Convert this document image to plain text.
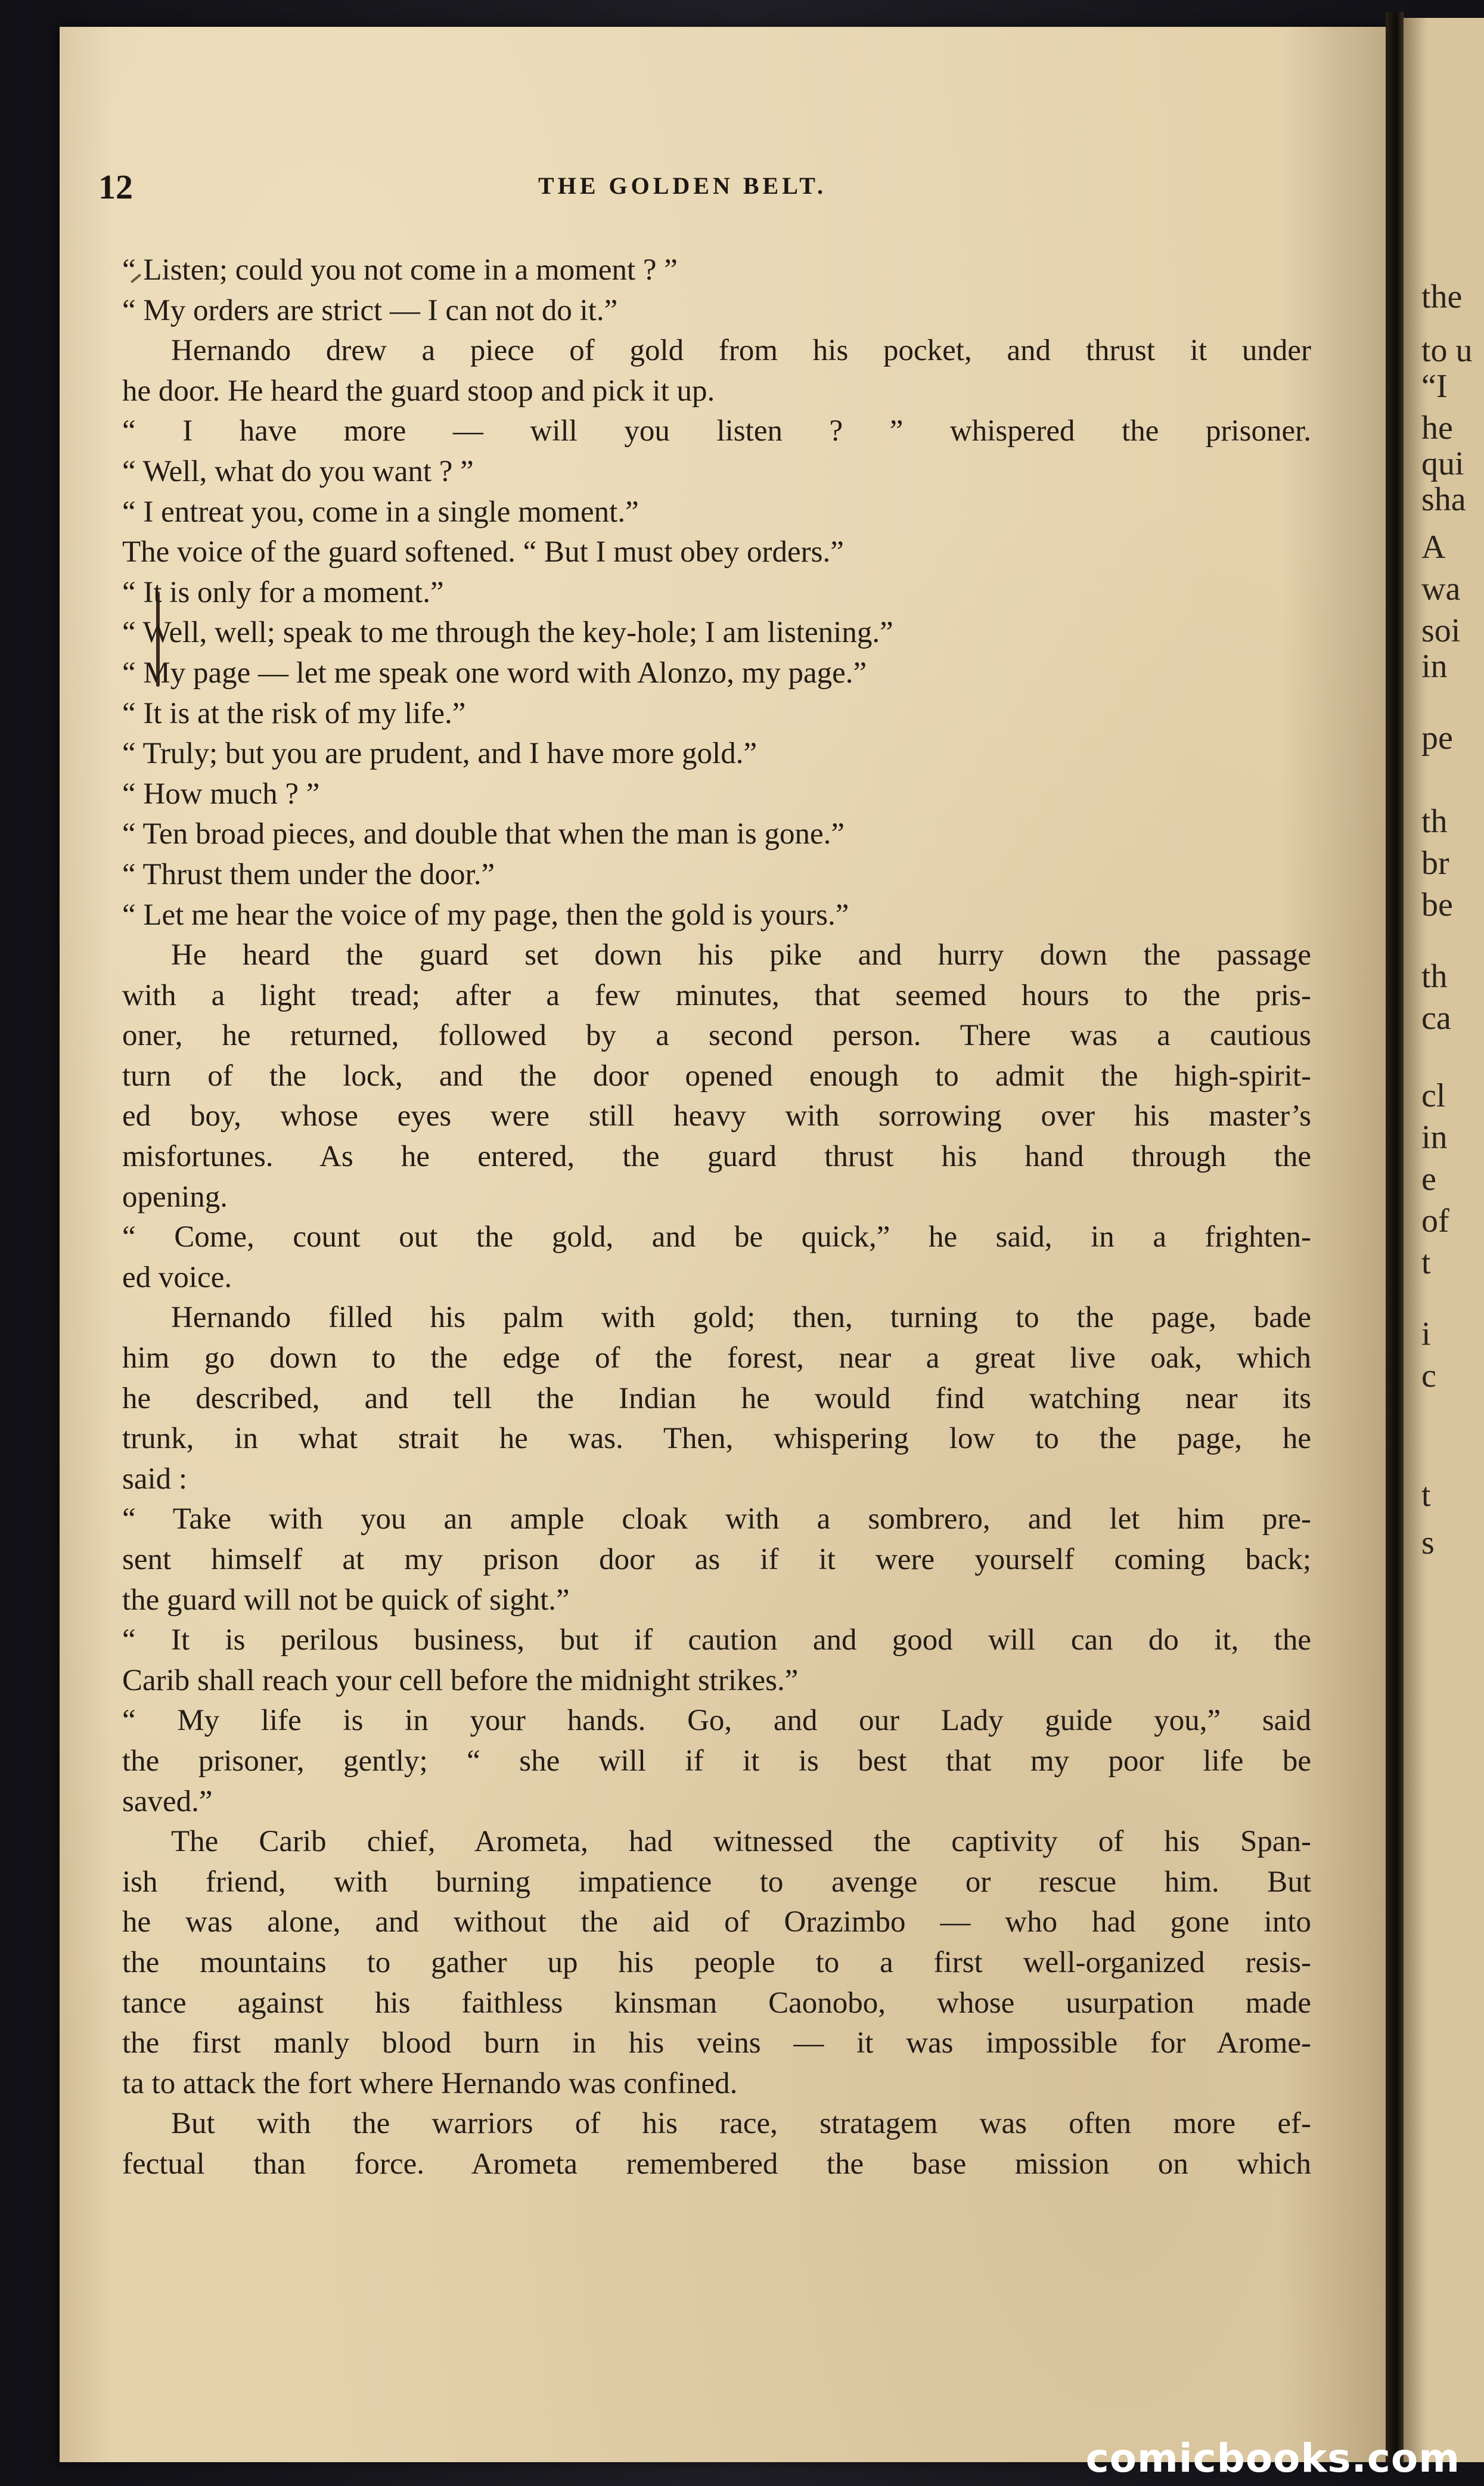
the
to u
“I
he
qui
sha
A
wa
soi
in
pe
th
br
be
th
ca
cl
in
e
of
t
i
c
t
s
12	THE GOLDEN BELT.
“ Listen; could you not come in a moment ? ”
“ My orders are strict — I can not do it.”
Hernando drew a piece of gold from his pocket, and thrust it under
he door. He heard the guard stoop and pick it up.
“ I have more — will you listen ? ” whispered the prisoner.
“ Well, what do you want ? ”
“ I entreat you, come in a single moment.”
The voice of the guard softened. “ But I must obey orders.”
“ It is only for a moment.”
“ Well, well; speak to me through the key-hole; I am listening.”
“ My page — let me speak one word with Alonzo, my page.”
“ It is at the risk of my life.”
“ Truly; but you are prudent, and I have more gold.”
“ How much ? ”
“ Ten broad pieces, and double that when the man is gone.”
“ Thrust them under the door.”
“ Let me hear the voice of my page, then the gold is yours.”
He heard the guard set down his pike and hurry down the passage
with a light tread; after a few minutes, that seemed hours to the pris-
oner, he returned, followed by a second person. There was a cautious
turn of the lock, and the door opened enough to admit the high-spirit-
ed boy, whose eyes were still heavy with sorrowing over his master’s
misfortunes. As he entered, the guard thrust his hand through the
opening.
“ Come, count out the gold, and be quick,” he said, in a frighten-
ed voice.
Hernando filled his palm with gold; then, turning to the page, bade
him go down to the edge of the forest, near a great live oak, which
he described, and tell the Indian he would find watching near its
trunk, in what strait he was. Then, whispering low to the page, he
said :
“ Take with you an ample cloak with a sombrero, and let him pre-
sent himself at my prison door as if it were yourself coming back;
the guard will not be quick of sight.”
“ It is perilous business, but if caution and good will can do it, the
Carib shall reach your cell before the midnight strikes.”
“ My life is in your hands. Go, and our Lady guide you,” said
the prisoner, gently; “ she will if it is best that my poor life be
saved.”
The Carib chief, Arometa, had witnessed the captivity of his Span-
ish friend, with burning impatience to avenge or rescue him. But
he was alone, and without the aid of Orazimbo — who had gone into
the mountains to gather up his people to a first well-organized resis-
tance against his faithless kinsman Caonobo, whose usurpation made
the first manly blood burn in his veins — it was impossible for Arome-
ta to attack the fort where Hernando was confined.
But with the warriors of his race, stratagem was often more ef-
fectual than force. Arometa remembered the base mission on which
comicbooks.com
